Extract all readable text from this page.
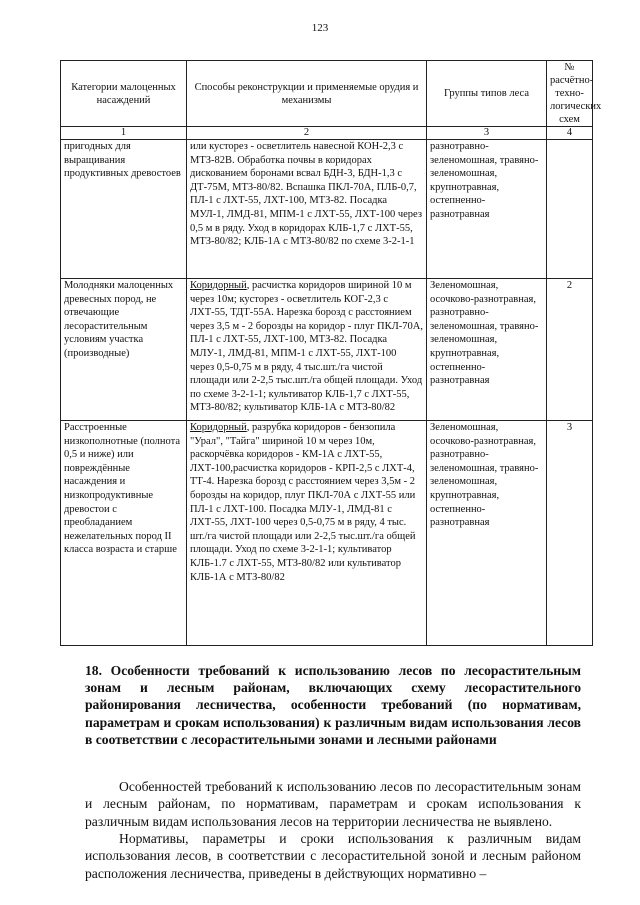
123
Категории малоценных насаждений	Способы реконструкции и применяемые орудия и механизмы	Группы типов леса	№ расчётно-техно-логических схем
1	2	3	4
пригодных для выращивания продуктивных древостоев	или кусторез - осветлитель навесной КОН-2,3 с МТЗ-82В. Обработка почвы в коридорах дискованием боронами всвал БДН-3, БДН-1,3 с ДТ-75М, МТЗ-80/82. Вспашка ПКЛ-70А, ПЛБ-0,7, ПЛ-1 с ЛХТ-55, ЛХТ-100, МТЗ-82. Посадка МУЛ-1, ЛМД-81, МПМ-1 с ЛХТ-55, ЛХТ-100 через 0,5 м в ряду. Уход в коридорах КЛБ-1,7 с ЛХТ-55, МТЗ-80/82; КЛБ-1А с МТЗ-80/82 по схеме 3-2-1-1	разнотравно-зеленомошная, травяно-зеленомошная, крупнотравная, остепненно-разнотравная	
Молодняки малоценных древесных пород, не отвечающие лесорастительным условиям участка (производные)	Коридорный, расчистка коридоров шириной 10 м через 10м; кусторез - осветлитель КОГ-2,3 с ЛХТ-55, ТДТ-55А. Нарезка борозд с расстоянием через 3,5 м - 2 борозды на коридор - плуг ПКЛ-70А, ПЛ-1 с ЛХТ-55, ЛХТ-100, МТЗ-82. Посадка МЛУ-1, ЛМД-81, МПМ-1 с ЛХТ-55, ЛХТ-100 через 0,5-0,75 м в ряду, 4 тыс.шт./га чистой площади или 2-2,5 тыс.шт./га общей площади. Уход по схеме 3-2-1-1; культиватор КЛБ-1,7 с ЛХТ-55, МТЗ-80/82; культиватор КЛБ-1А с МТЗ-80/82	Зеленомошная, осочково-разнотравная, разнотравно-зеленомошная, травяно-зеленомошная, крупнотравная, остепненно-разнотравная	2
Расстроенные низкополнотные (полнота 0,5 и ниже) или повреждённые насаждения и низкопродуктивные древостои с преобладанием нежелательных пород II класса возраста и старше	Коридорный, разрубка коридоров - бензопила "Урал", "Тайга" шириной 10 м через 10м, раскорчёвка коридоров - КМ-1А с ЛХТ-55, ЛХТ-100,расчистка коридоров - КРП-2,5 с ЛХТ-4, ТТ-4. Нарезка борозд с расстоянием через 3,5м - 2 борозды на коридор, плуг ПКЛ-70А с ЛХТ-55 или ПЛ-1 с ЛХТ-100. Посадка МЛУ-1, ЛМД-81 с ЛХТ-55, ЛХТ-100 через 0,5-0,75 м в ряду, 4 тыс. шт./га чистой площади или 2-2,5 тыс.шт./га общей площади. Уход по схеме 3-2-1-1; культиватор КЛБ-1.7 с ЛХТ-55, МТЗ-80/82 или культиватор КЛБ-1А с МТЗ-80/82	Зеленомошная, осочково-разнотравная, разнотравно-зеленомошная, травяно-зеленомошная, крупнотравная, остепненно-разнотравная	3
18. Особенности требований к использованию лесов по лесорастительным зонам и лесным районам, включающих схему лесорастительного районирования лесничества, особенности требований (по нормативам, параметрам и срокам использования) к различным видам использования лесов в соответствии с лесорастительными зонами и лесными районами
Особенностей требований к использованию лесов по лесорастительным зонам и лесным районам, по нормативам, параметрам и срокам использования к различным видам использования лесов на территории лесничества не выявлено.
Нормативы, параметры и сроки использования к различным видам использования лесов, в соответствии с лесорастительной зоной и лесным районом расположения лесничества, приведены в действующих нормативно –
